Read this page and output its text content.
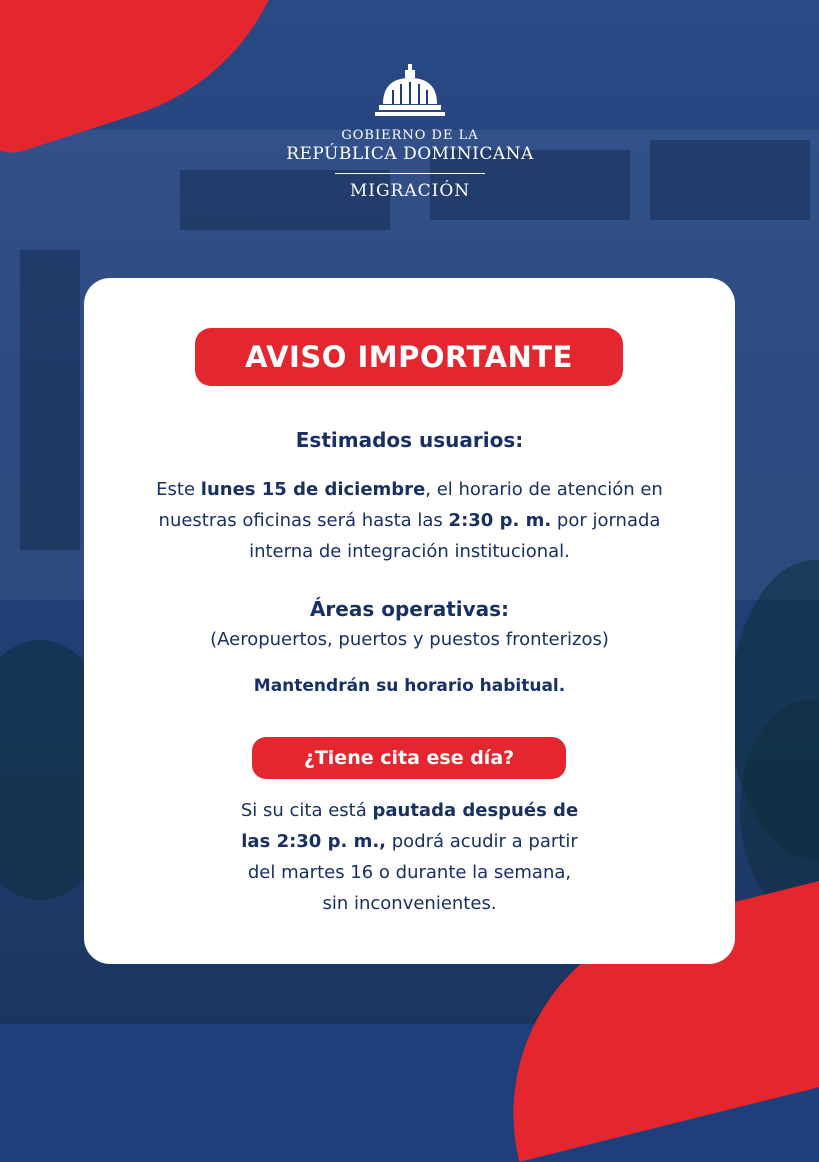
GOBIERNO DE LA
REPÚBLICA DOMINICANA
MIGRACIÓN
AVISO IMPORTANTE
Estimados usuarios:
Este lunes 15 de diciembre, el horario de atención en nuestras oficinas será hasta las 2:30 p. m. por jornada interna de integración institucional.
Áreas operativas:
(Aeropuertos, puertos y puestos fronterizos)
Mantendrán su horario habitual.
¿Tiene cita ese día?
Si su cita está pautada después de las 2:30 p. m., podrá acudir a partir del martes 16 o durante la semana, sin inconvenientes.
